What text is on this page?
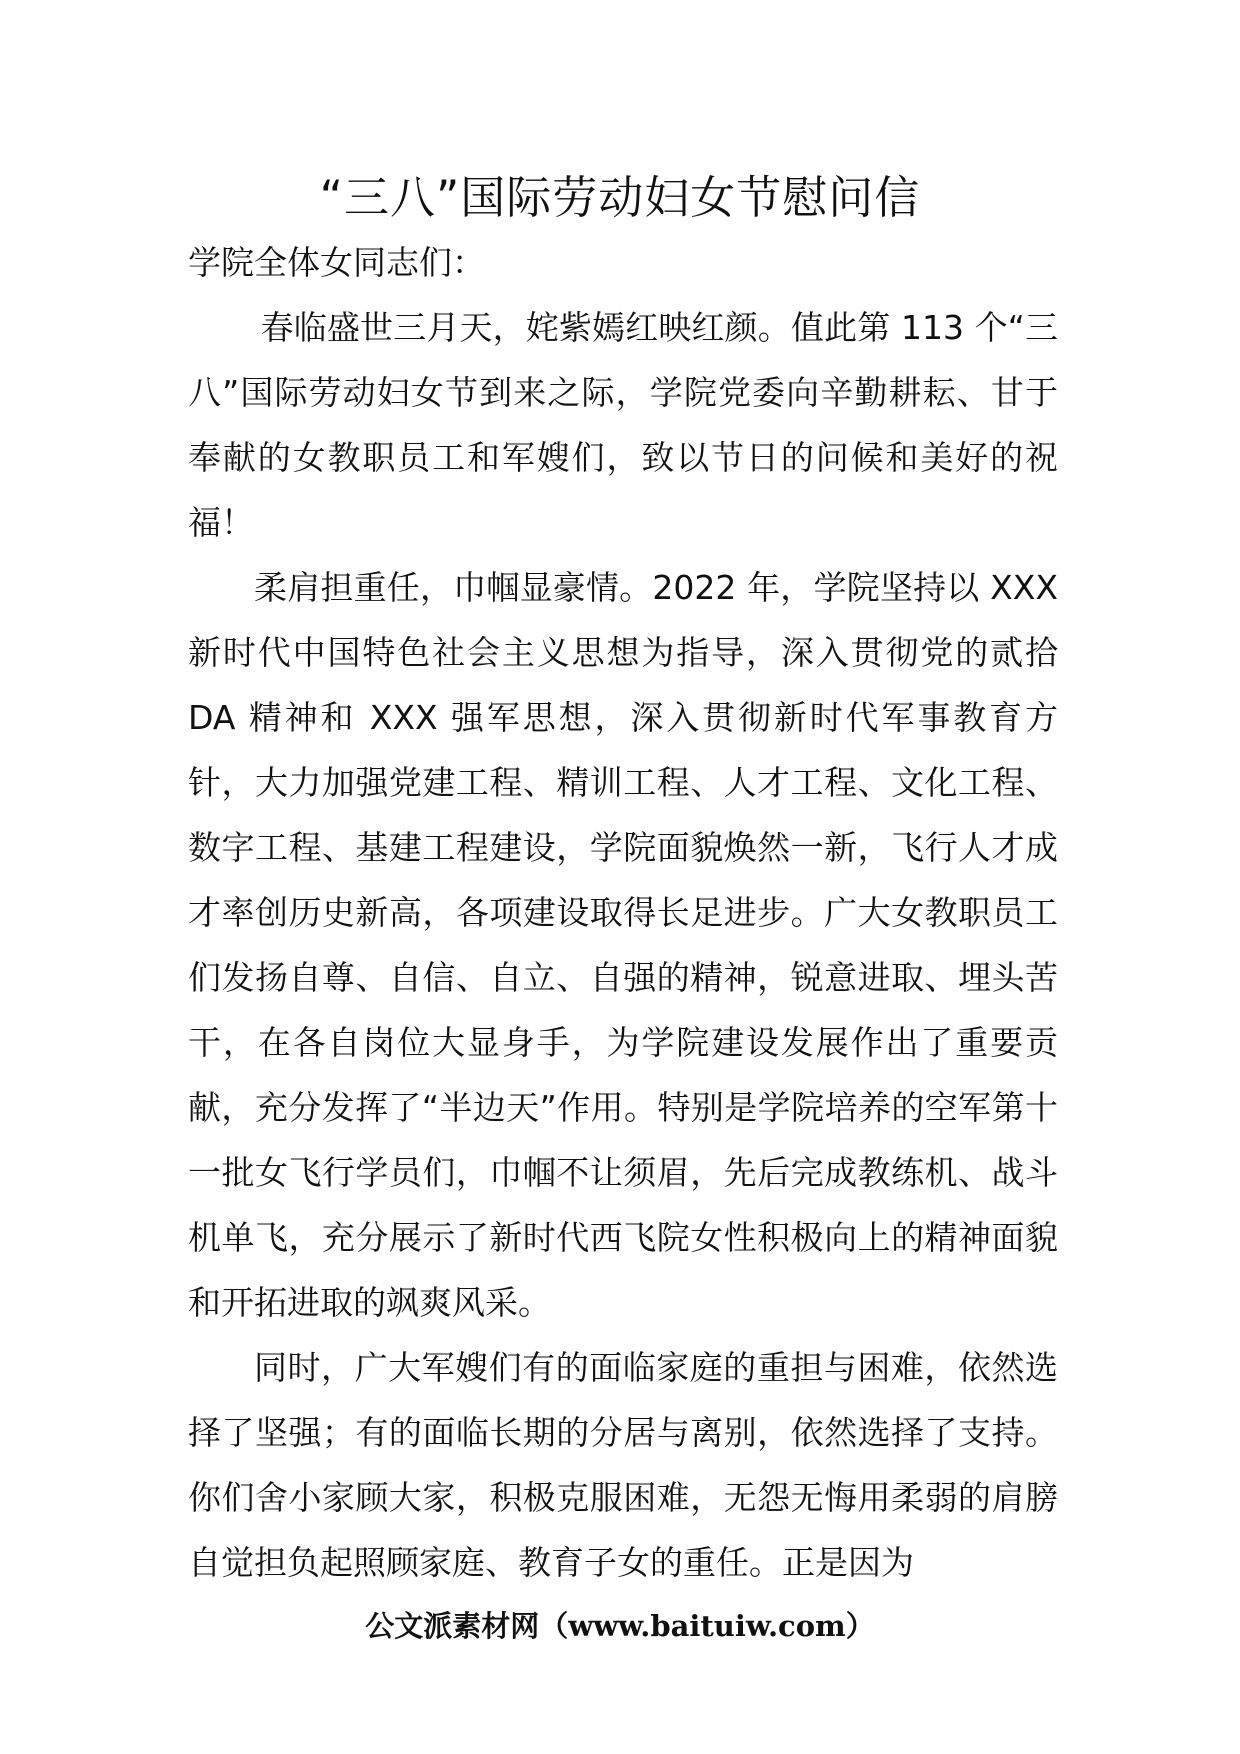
“三八”国际劳动妇女节慰问信

学院全体女同志们：

春临盛世三月天，姹紫嫣红映红颜。值此第 113 个“三八”国际劳动妇女节到来之际，学院党委向辛勤耕耘、甘于奉献的女教职员工和军嫂们，致以节日的问候和美好的祝福！

柔肩担重任，巾帼显豪情。2022 年，学院坚持以 XXX 新时代中国特色社会主义思想为指导，深入贯彻党的贰拾 DA 精神和 XXX 强军思想，深入贯彻新时代军事教育方针，大力加强党建工程、精训工程、人才工程、文化工程、数字工程、基建工程建设，学院面貌焕然一新，飞行人才成才率创历史新高，各项建设取得长足进步。广大女教职员工们发扬自尊、自信、自立、自强的精神，锐意进取、埋头苦干，在各自岗位大显身手，为学院建设发展作出了重要贡献，充分发挥了“半边天”作用。特别是学院培养的空军第十一批女飞行学员们，巾帼不让须眉，先后完成教练机、战斗机单飞，充分展示了新时代西飞院女性积极向上的精神面貌和开拓进取的飒爽风采。

同时，广大军嫂们有的面临家庭的重担与困难，依然选择了坚强；有的面临长期的分居与离别，依然选择了支持。你们舍小家顾大家，积极克服困难，无怨无悔用柔弱的肩膀自觉担负起照顾家庭、教育子女的重任。正是因为

公文派素材网（www.baituiw.com）
